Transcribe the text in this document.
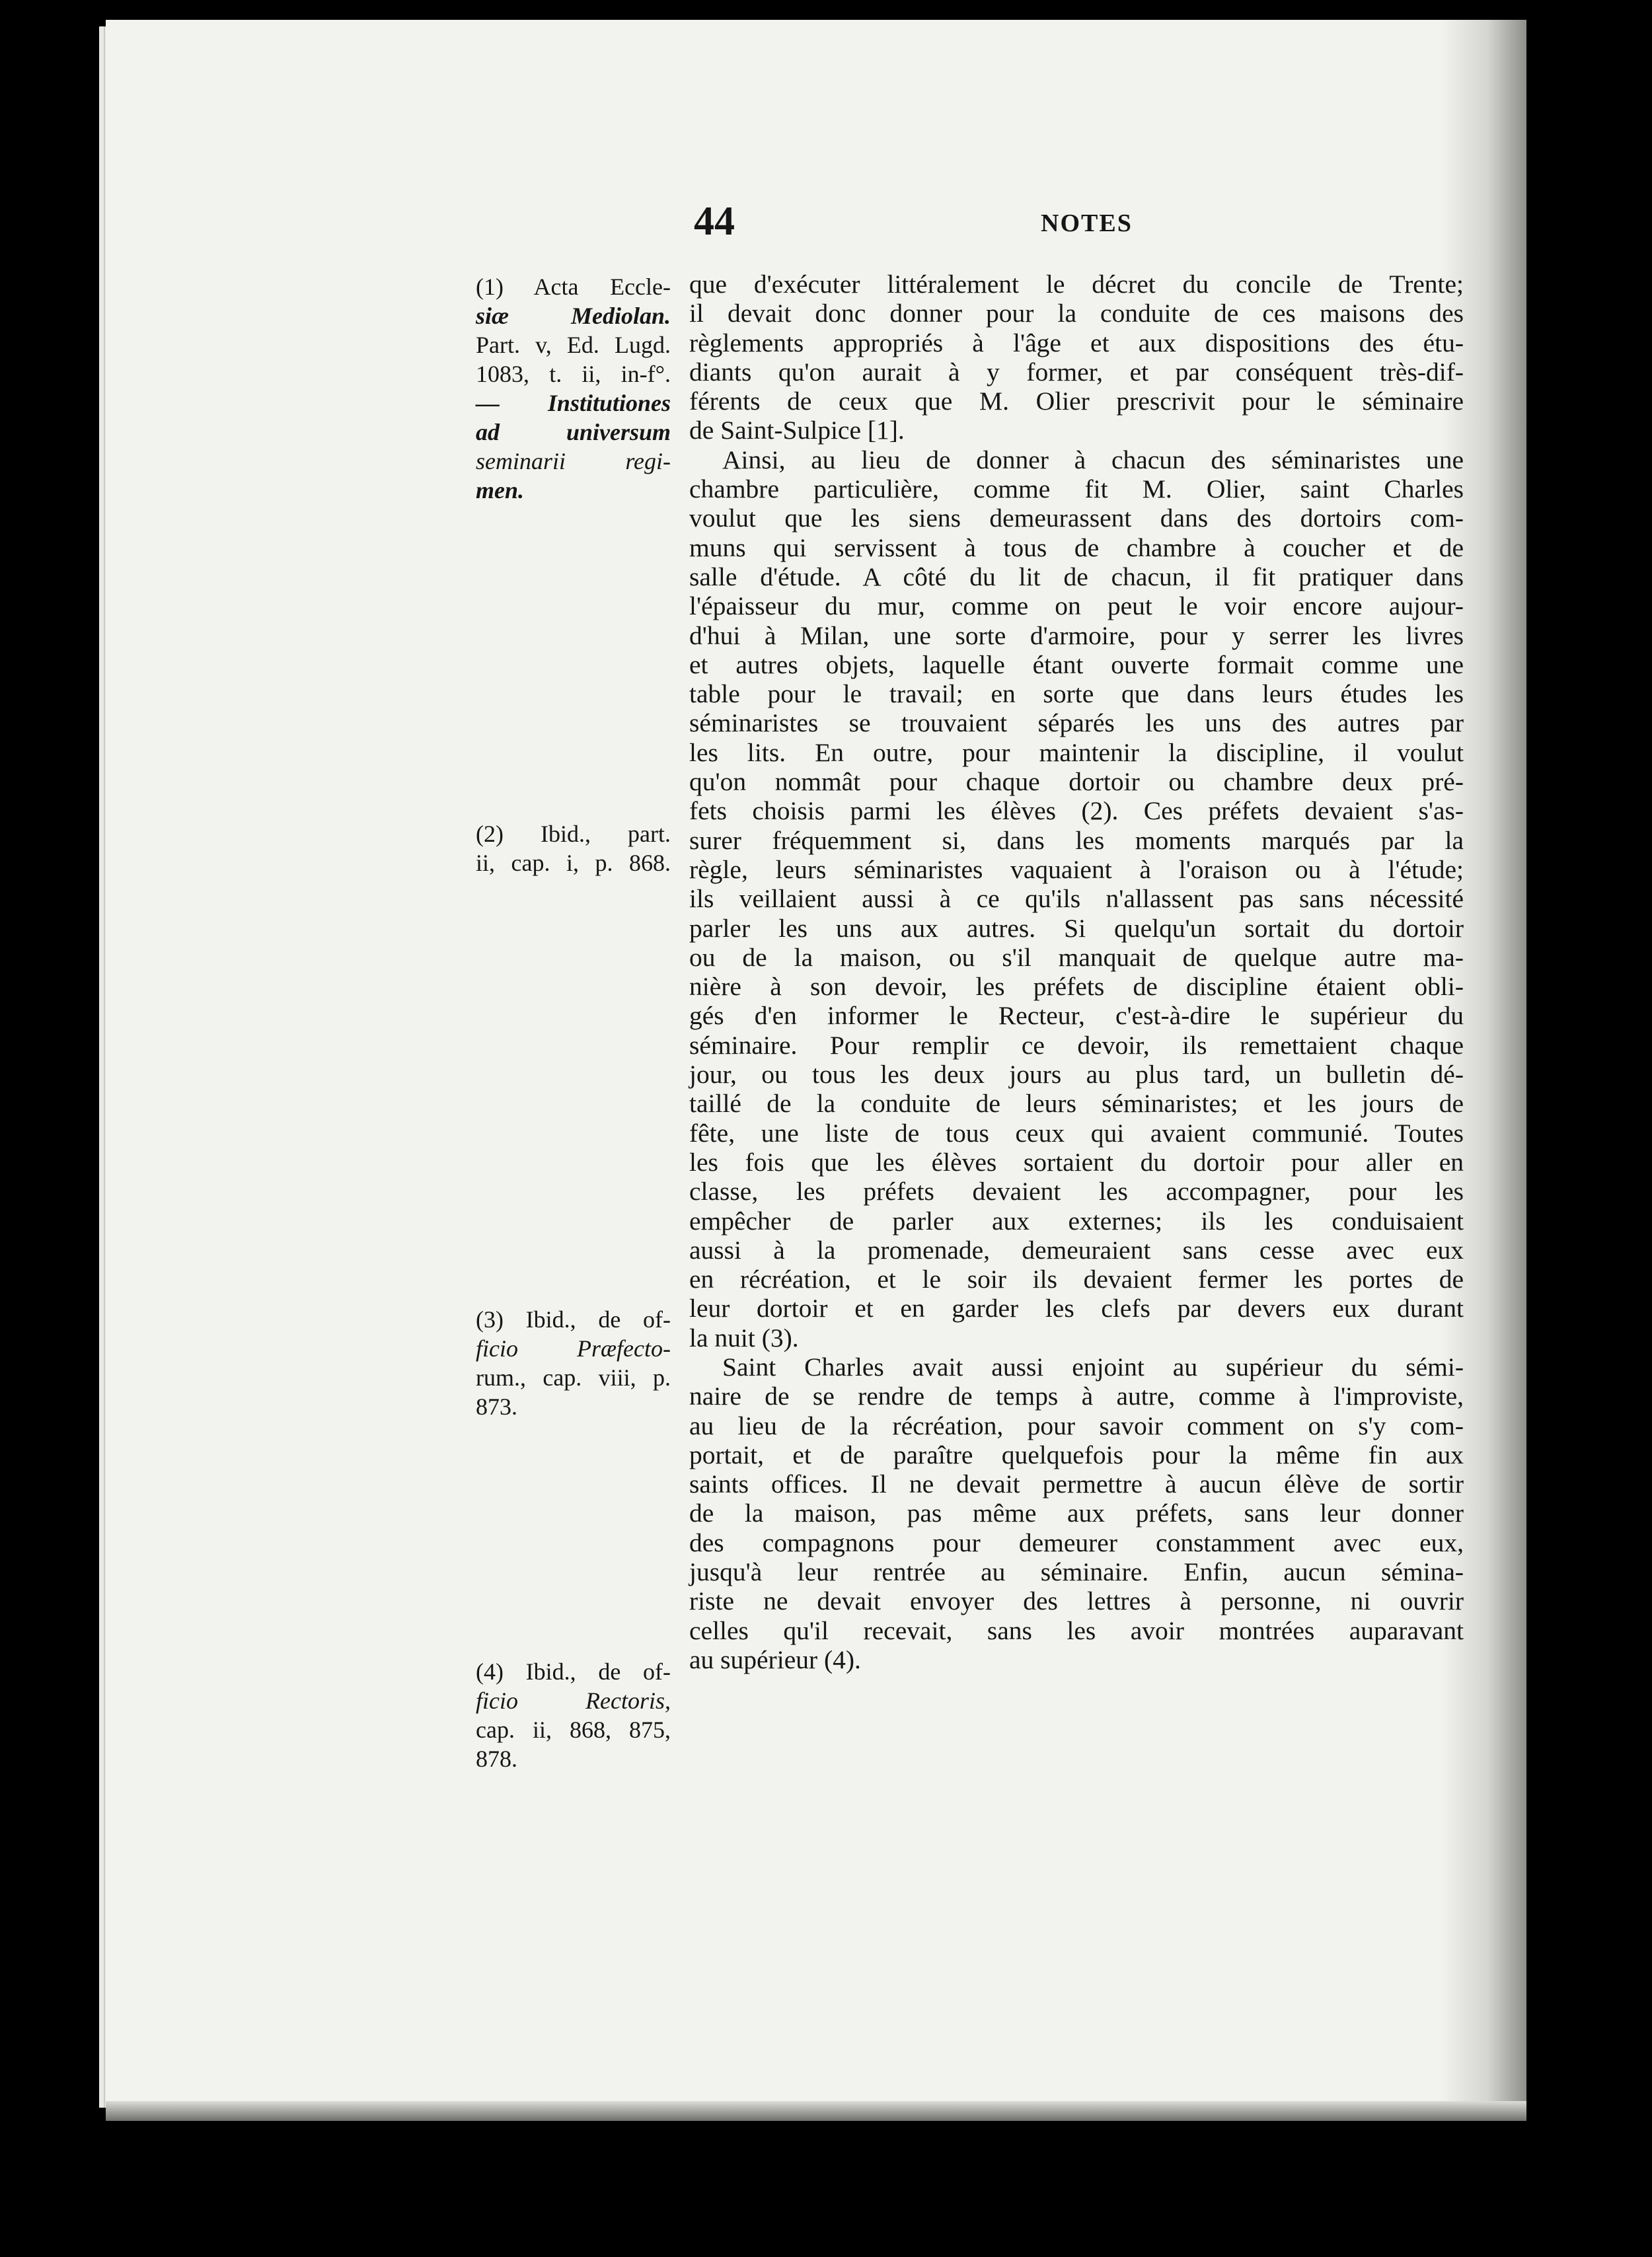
44	NOTES
(1) Acta Eccle-
siæ Mediolan.
Part. v, Ed. Lugd.
1083, t. ii, in-f°.
— Institutiones
ad universum
seminarii regi-
men.
(2) Ibid., part.
ii, cap. i, p. 868.
(3) Ibid., de of-
ficio Præfecto-
rum., cap. viii, p.
873.
(4) Ibid., de of-
ficio Rectoris,
cap. ii, 868, 875,
878.
que d'exécuter littéralement le décret du concile de Trente;
il devait donc donner pour la conduite de ces maisons des
règlements appropriés à l'âge et aux dispositions des étu-
diants qu'on aurait à y former, et par conséquent très-dif-
férents de ceux que M. Olier prescrivit pour le séminaire
de Saint-Sulpice [1].
Ainsi, au lieu de donner à chacun des séminaristes une
chambre particulière, comme fit M. Olier, saint Charles
voulut que les siens demeurassent dans des dortoirs com-
muns qui servissent à tous de chambre à coucher et de
salle d'étude. A côté du lit de chacun, il fit pratiquer dans
l'épaisseur du mur, comme on peut le voir encore aujour-
d'hui à Milan, une sorte d'armoire, pour y serrer les livres
et autres objets, laquelle étant ouverte formait comme une
table pour le travail; en sorte que dans leurs études les
séminaristes se trouvaient séparés les uns des autres par
les lits. En outre, pour maintenir la discipline, il voulut
qu'on nommât pour chaque dortoir ou chambre deux pré-
fets choisis parmi les élèves (2). Ces préfets devaient s'as-
surer fréquemment si, dans les moments marqués par la
règle, leurs séminaristes vaquaient à l'oraison ou à l'étude;
ils veillaient aussi à ce qu'ils n'allassent pas sans nécessité
parler les uns aux autres. Si quelqu'un sortait du dortoir
ou de la maison, ou s'il manquait de quelque autre ma-
nière à son devoir, les préfets de discipline étaient obli-
gés d'en informer le Recteur, c'est-à-dire le supérieur du
séminaire. Pour remplir ce devoir, ils remettaient chaque
jour, ou tous les deux jours au plus tard, un bulletin dé-
taillé de la conduite de leurs séminaristes; et les jours de
fête, une liste de tous ceux qui avaient communié. Toutes
les fois que les élèves sortaient du dortoir pour aller en
classe, les préfets devaient les accompagner, pour les
empêcher de parler aux externes; ils les conduisaient
aussi à la promenade, demeuraient sans cesse avec eux
en récréation, et le soir ils devaient fermer les portes de
leur dortoir et en garder les clefs par devers eux durant
la nuit (3).
Saint Charles avait aussi enjoint au supérieur du sémi-
naire de se rendre de temps à autre, comme à l'improviste,
au lieu de la récréation, pour savoir comment on s'y com-
portait, et de paraître quelquefois pour la même fin aux
saints offices. Il ne devait permettre à aucun élève de sortir
de la maison, pas même aux préfets, sans leur donner
des compagnons pour demeurer constamment avec eux,
jusqu'à leur rentrée au séminaire. Enfin, aucun sémina-
riste ne devait envoyer des lettres à personne, ni ouvrir
celles qu'il recevait, sans les avoir montrées auparavant
au supérieur (4).
